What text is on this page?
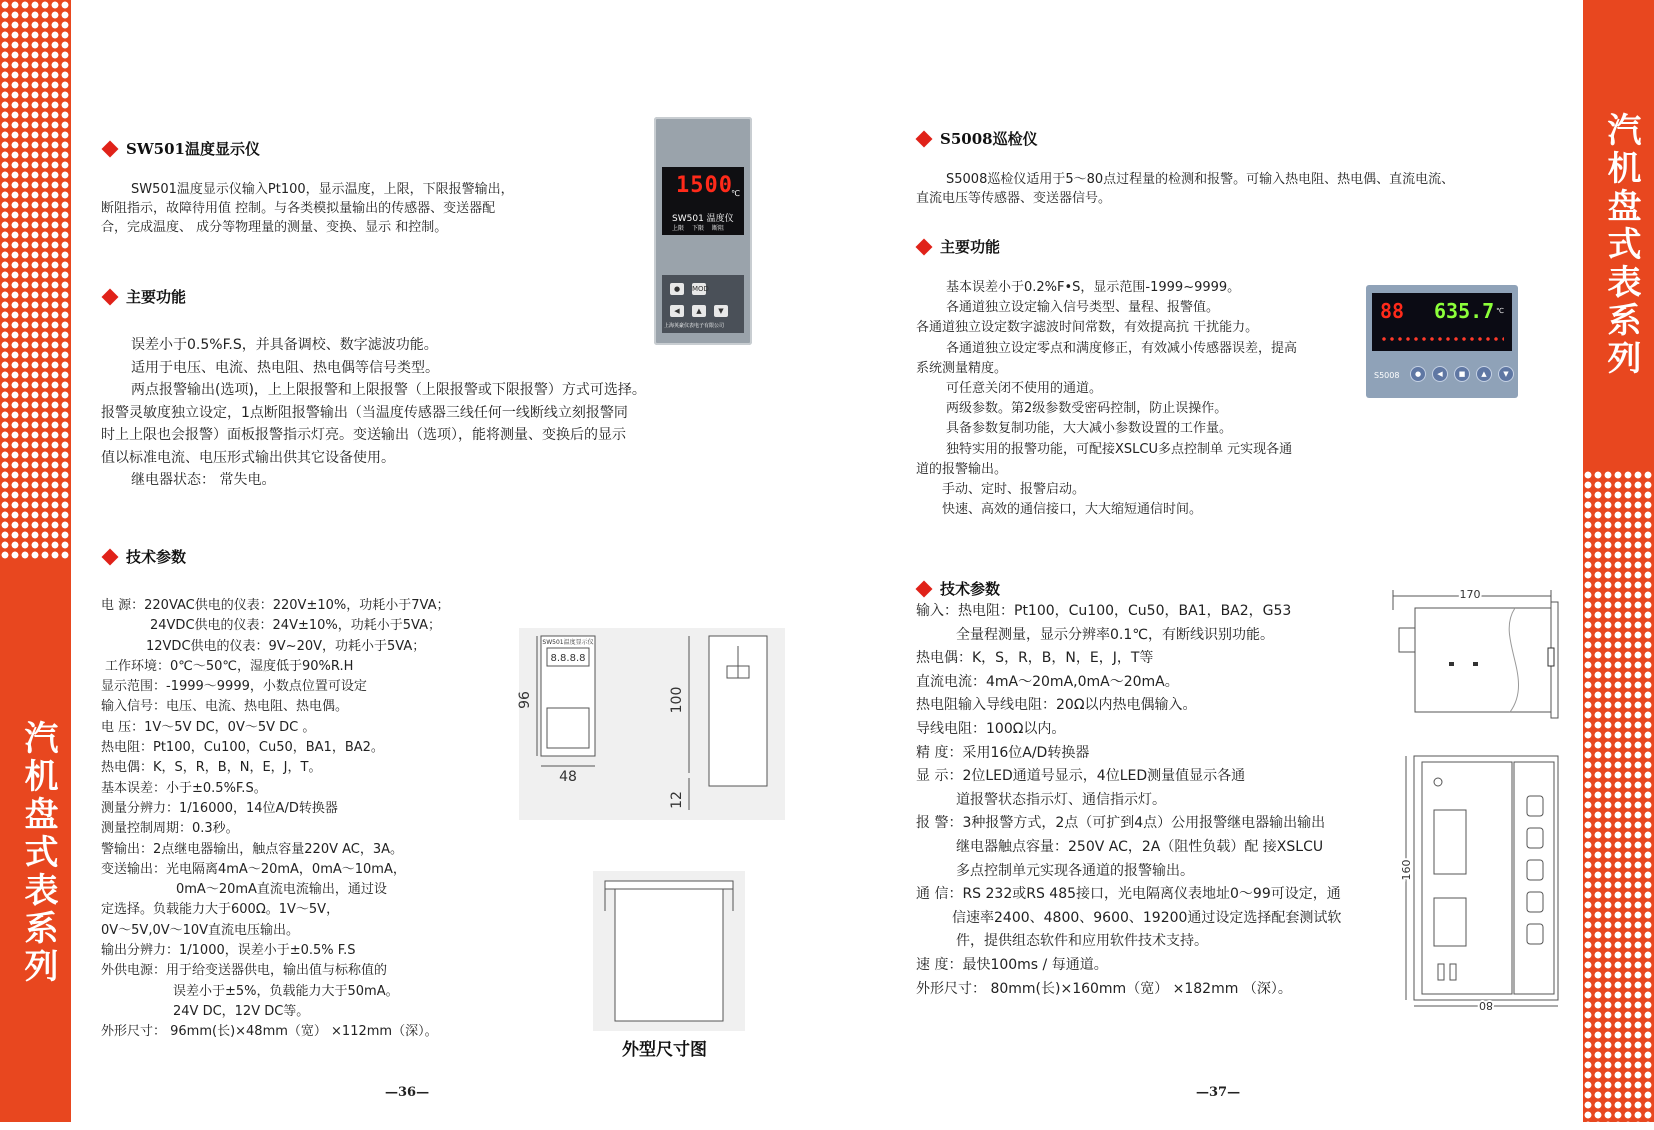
汽机盘式表系列
汽机盘式表系列
SW501温度显示仪

SW501温度显示仪输入Pt100，显示温度，上限，下限报警输出，

断阻指示，故障待用值 控制。与各类模拟量输出的传感器、变送器配

合，完成温度、 成分等物理量的测量、变换、显示 和控制。

1500
℃
SW501 温度仪
上限 下限 断阻
●	MOD
◀	▲	▼
上海英豪仪表电子有限公司
主要功能

误差小于0.5%F.S，并具备调校、数字滤波功能。

适用于电压、电流、热电阻、热电偶等信号类型。

两点报警输出(选项)，上上限报警和上限报警（上限报警或下限报警）方式可选择。

报警灵敏度独立设定，1点断阻报警输出（当温度传感器三线任何一线断线立刻报警同

时上上限也会报警）面板报警指示灯亮。变送输出（选项），能将测量、变换后的显示

值以标准电流、电压形式输出供其它设备使用。

继电器状态： 常失电。

技术参数
电 源：220VAC供电的仪表：220V±10%，功耗小于7VA；
24VDC供电的仪表：24V±10%，功耗小于5VA；
12VDC供电的仪表：9V~20V，功耗小于5VA；
工作环境：0℃～50℃，湿度低于90%R.H
显示范围：-1999～9999，小数点位置可设定
输入信号：电压、电流、热电阻、热电偶。
电 压：1V～5V DC，0V～5V DC 。
热电阻：Pt100，Cu100，Cu50，BA1，BA2。
热电偶：K，S，R，B，N，E，J，T。
基本误差：小于±0.5%F.S。
测量分辨力：1/16000，14位A/D转换器
测量控制周期：0.3秒。
警输出：2点继电器输出，触点容量220V AC，3A。
变送输出：光电隔离4mA～20mA，0mA～10mA，
0mA～20mA直流电流输出，通过设
定选择。负载能力大于600Ω。1V～5V，
0V～5V,0V～10V直流电压输出。
输出分辨力：1/1000，误差小于±0.5% F.S
外供电源：用于给变送器供电，输出值与标称值的
误差小于±5%，负载能力大于50mA。
24V DC，12V DC等。
外形尺寸： 96mm(长)×48mm（宽） ×112mm（深）。
SW501温度显示仪
8.8.8.8
96
48
100
12
外型尺寸图
—36—
S5008巡检仪

S5008巡检仪适用于5～80点过程量的检测和报警。可输入热电阻、热电偶、直流电流、

直流电压等传感器、变送器信号。

主要功能

基本误差小于0.2%F•S，显示范围-1999~9999。

各通道独立设定输入信号类型、量程、报警值。

各通道独立设定数字滤波时间常数，有效提高抗 干扰能力。

各通道独立设定零点和满度修正，有效减小传感器误差，提高

系统测量精度。

可任意关闭不使用的通道。

两级参数。第2级参数受密码控制，防止误操作。

具备参数复制功能，大大减小参数设置的工作量。

独特实用的报警功能，可配接XSLCU多点控制单 元实现各通

道的报警输出。

手动、定时、报警启动。

快速、高效的通信接口，大大缩短通信时间。

88 635.7 ℃
S5008	●	◀	■	▲	▼
技术参数
输入：热电阻：Pt100，Cu100，Cu50，BA1，BA2，G53
全量程测量，显示分辨率0.1℃，有断线识别功能。
热电偶：K，S，R，B，N，E，J，T等
直流电流：4mA～20mA,0mA～20mA。
热电阻输入导线电阻：20Ω以内热电偶输入。
导线电阻：100Ω以内。
精 度：采用16位A/D转换器
显 示：2位LED通道号显示，4位LED测量值显示各通
道报警状态指示灯、通信指示灯。
报 警：3种报警方式，2点（可扩到4点）公用报警继电器输出输出
继电器触点容量：250V AC，2A（阻性负载）配 接XSLCU
多点控制单元实现各通道的报警输出。
通 信：RS 232或RS 485接口，光电隔离仪表地址0～99可设定，通
信速率2400、4800、9600、19200通过设定选择配套测试软
件，提供组态软件和应用软件技术支持。
速 度：最快100ms / 每通道。
外形尺寸： 80mm(长)×160mm（宽） ×182mm （深）。
170
160
80
—37—
